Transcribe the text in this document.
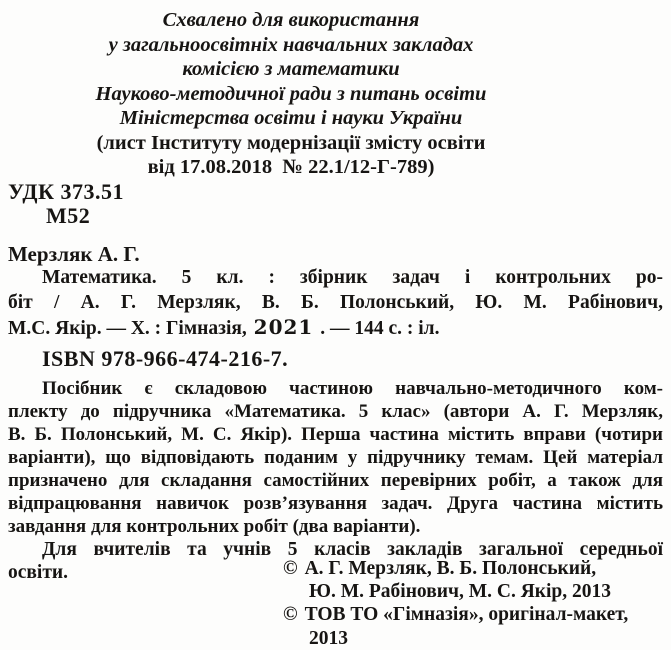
Схвалено для використання
у загальноосвітніх навчальних закладах
комісією з математики
Науково-методичної ради з питань освіти
Міністерства освіти і науки України
(лист Інституту модернізації змісту освіти
від 17.08.2018  № 22.1/12-Г-789)
УДК 373.51
М52
Мерзляк А. Г.
Математика. 5 кл. : збірник задач і контрольних ро-
біт / А. Г. Мерзляк, В. Б. Полонський, Ю. М. Рабінович,
М.С. Якір. — Х. : Гімназія, 2021 . — 144 с. : іл.
ISBN 978-966-474-216-7.
Посібник є складовою частиною навчально-методичного ком-
плекту до підручника «Математика. 5 клас» (автори А. Г. Мерзляк,
В. Б. Полонський, М. С. Якір). Перша частина містить вправи (чотири
варіанти), що відповідають поданим у підручнику темам. Цей матеріал
призначено для складання самостійних перевірних робіт, а також для
відпрацювання навичок розв’язування задач. Друга частина містить
завдання для контрольних робіт (два варіанти).
Для вчителів та учнів 5 класів закладів загальної середньої
освіти.	© А. Г. Мерзляк, В. Б. Полонський,
Ю. М. Рабінович, М. С. Якір, 2013
© ТОВ ТО «Гімназія», оригінал-макет,
2013
